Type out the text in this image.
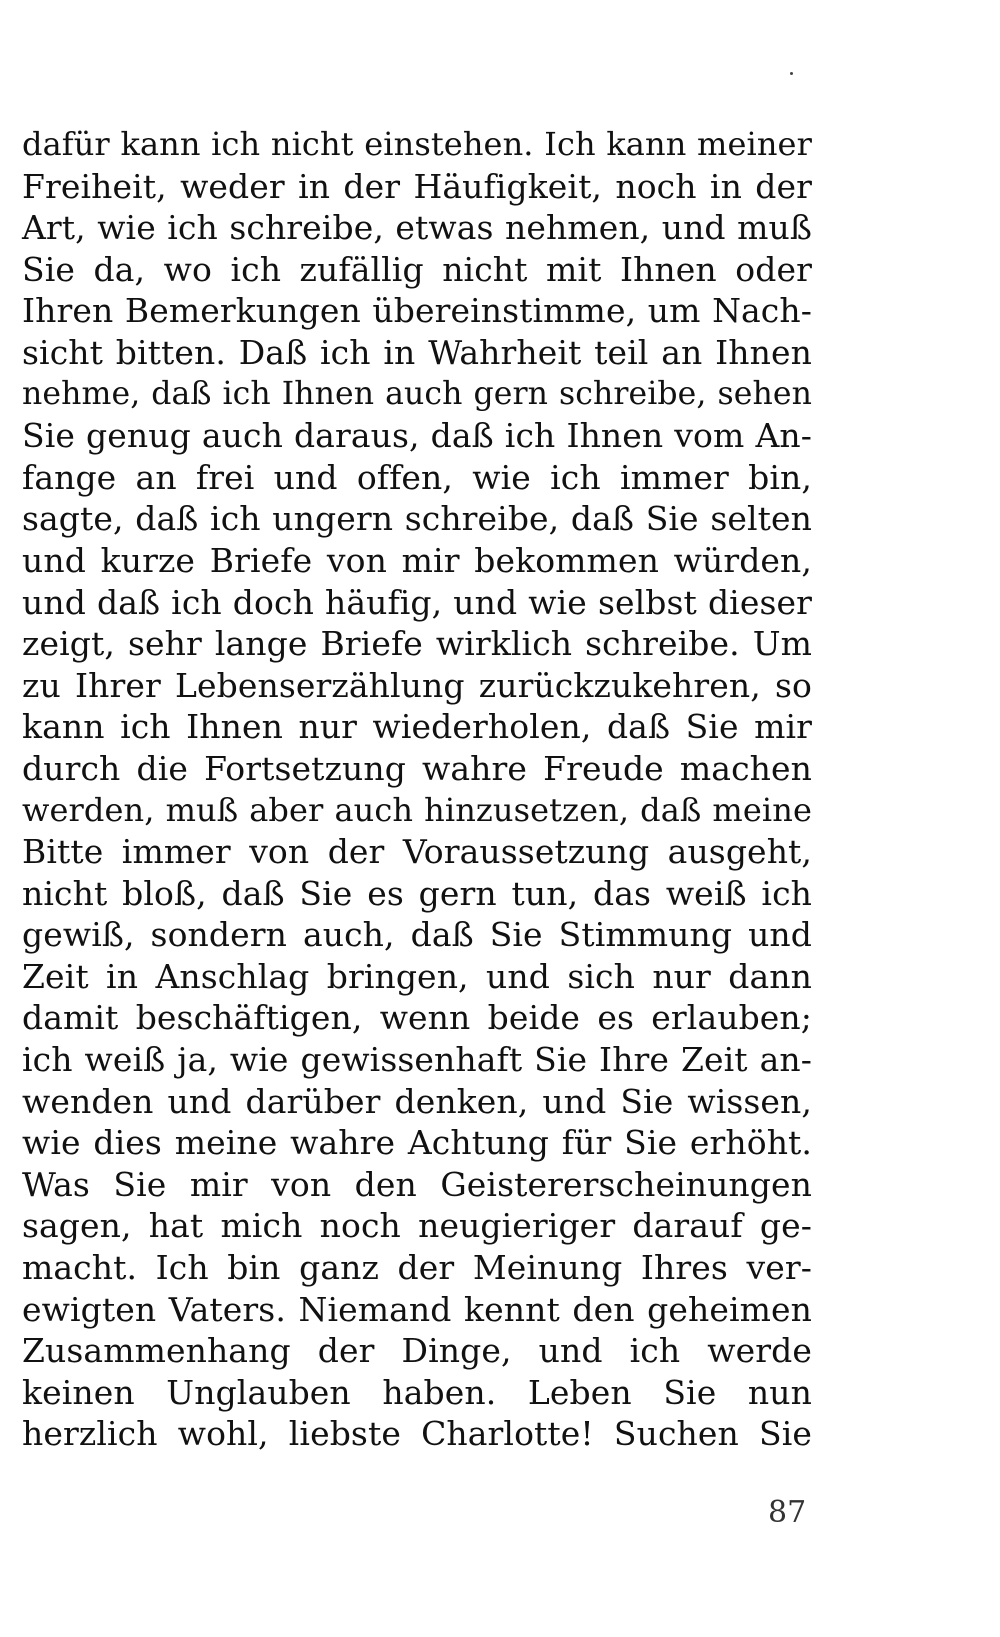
dafür kann ich nicht einstehen. Ich kann meiner
Freiheit, weder in der Häufigkeit, noch in der
Art, wie ich schreibe, etwas nehmen, und muß
Sie da, wo ich zufällig nicht mit Ihnen oder
Ihren Bemerkungen übereinstimme, um Nach-
sicht bitten. Daß ich in Wahrheit teil an Ihnen
nehme, daß ich Ihnen auch gern schreibe, sehen
Sie genug auch daraus, daß ich Ihnen vom An-
fange an frei und offen, wie ich immer bin,
sagte, daß ich ungern schreibe, daß Sie selten
und kurze Briefe von mir bekommen würden,
und daß ich doch häufig, und wie selbst dieser
zeigt, sehr lange Briefe wirklich schreibe. Um
zu Ihrer Lebenserzählung zurückzukehren, so
kann ich Ihnen nur wiederholen, daß Sie mir
durch die Fortsetzung wahre Freude machen
werden, muß aber auch hinzusetzen, daß meine
Bitte immer von der Voraussetzung ausgeht,
nicht bloß, daß Sie es gern tun, das weiß ich
gewiß, sondern auch, daß Sie Stimmung und
Zeit in Anschlag bringen, und sich nur dann
damit beschäftigen, wenn beide es erlauben;
ich weiß ja, wie gewissenhaft Sie Ihre Zeit an-
wenden und darüber denken, und Sie wissen,
wie dies meine wahre Achtung für Sie erhöht.
Was Sie mir von den Geistererscheinungen
sagen, hat mich noch neugieriger darauf ge-
macht. Ich bin ganz der Meinung Ihres ver-
ewigten Vaters. Niemand kennt den geheimen
Zusammenhang der Dinge, und ich werde
keinen Unglauben haben. Leben Sie nun
herzlich wohl, liebste Charlotte! Suchen Sie
87
